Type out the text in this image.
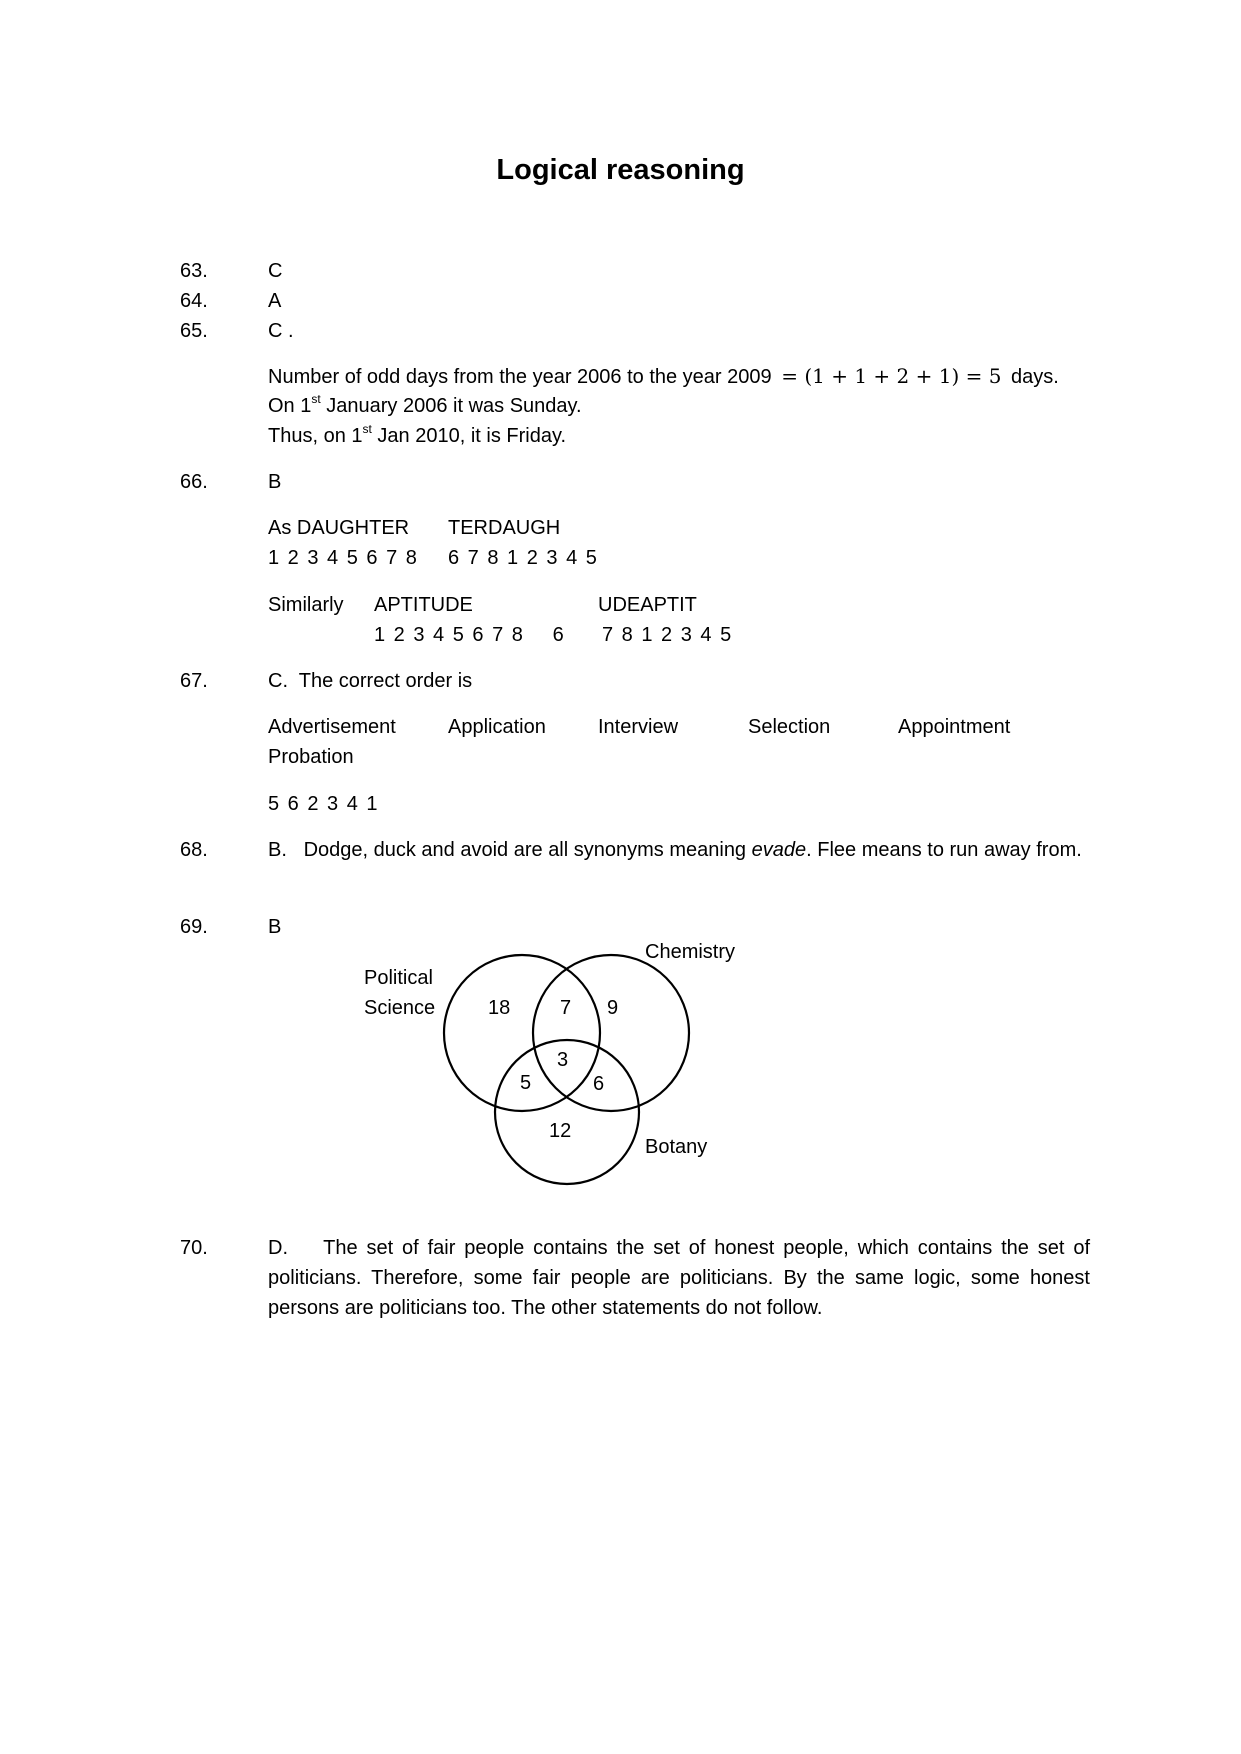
Logical reasoning
63.	C
64.	A
65.	C .
Number of odd days from the year 2006 to the year 2009 = (1 + 1 + 2 + 1) = 5 days.
On 1st January 2006 it was Sunday.
Thus, on 1st Jan 2010, it is Friday.
66.	B
As DAUGHTER TERDAUGH
1 2 3 4 5 6 7 8 6 7 8 1 2 3 4 5
Similarly APTITUDE	UDEAPTIT
1 2 3 4 5 6 7 8    6 7 8 1 2 3 4 5
67.	C.  The correct order is
Advertisement	Application	Interview	Selection	Appointment
Probation
5 6 2 3 4 1
68.	B. Dodge, duck and avoid are all synonyms meaning evade. Flee means to run away from.
69.	B
Political
Science
Chemistry
Botany
18	9
7
3
5	6
12
70.	D. The set of fair people contains the set of honest people, which contains the set of politicians. Therefore, some fair people are politicians. By the same logic, some honest persons are politicians too. The other statements do not follow.
